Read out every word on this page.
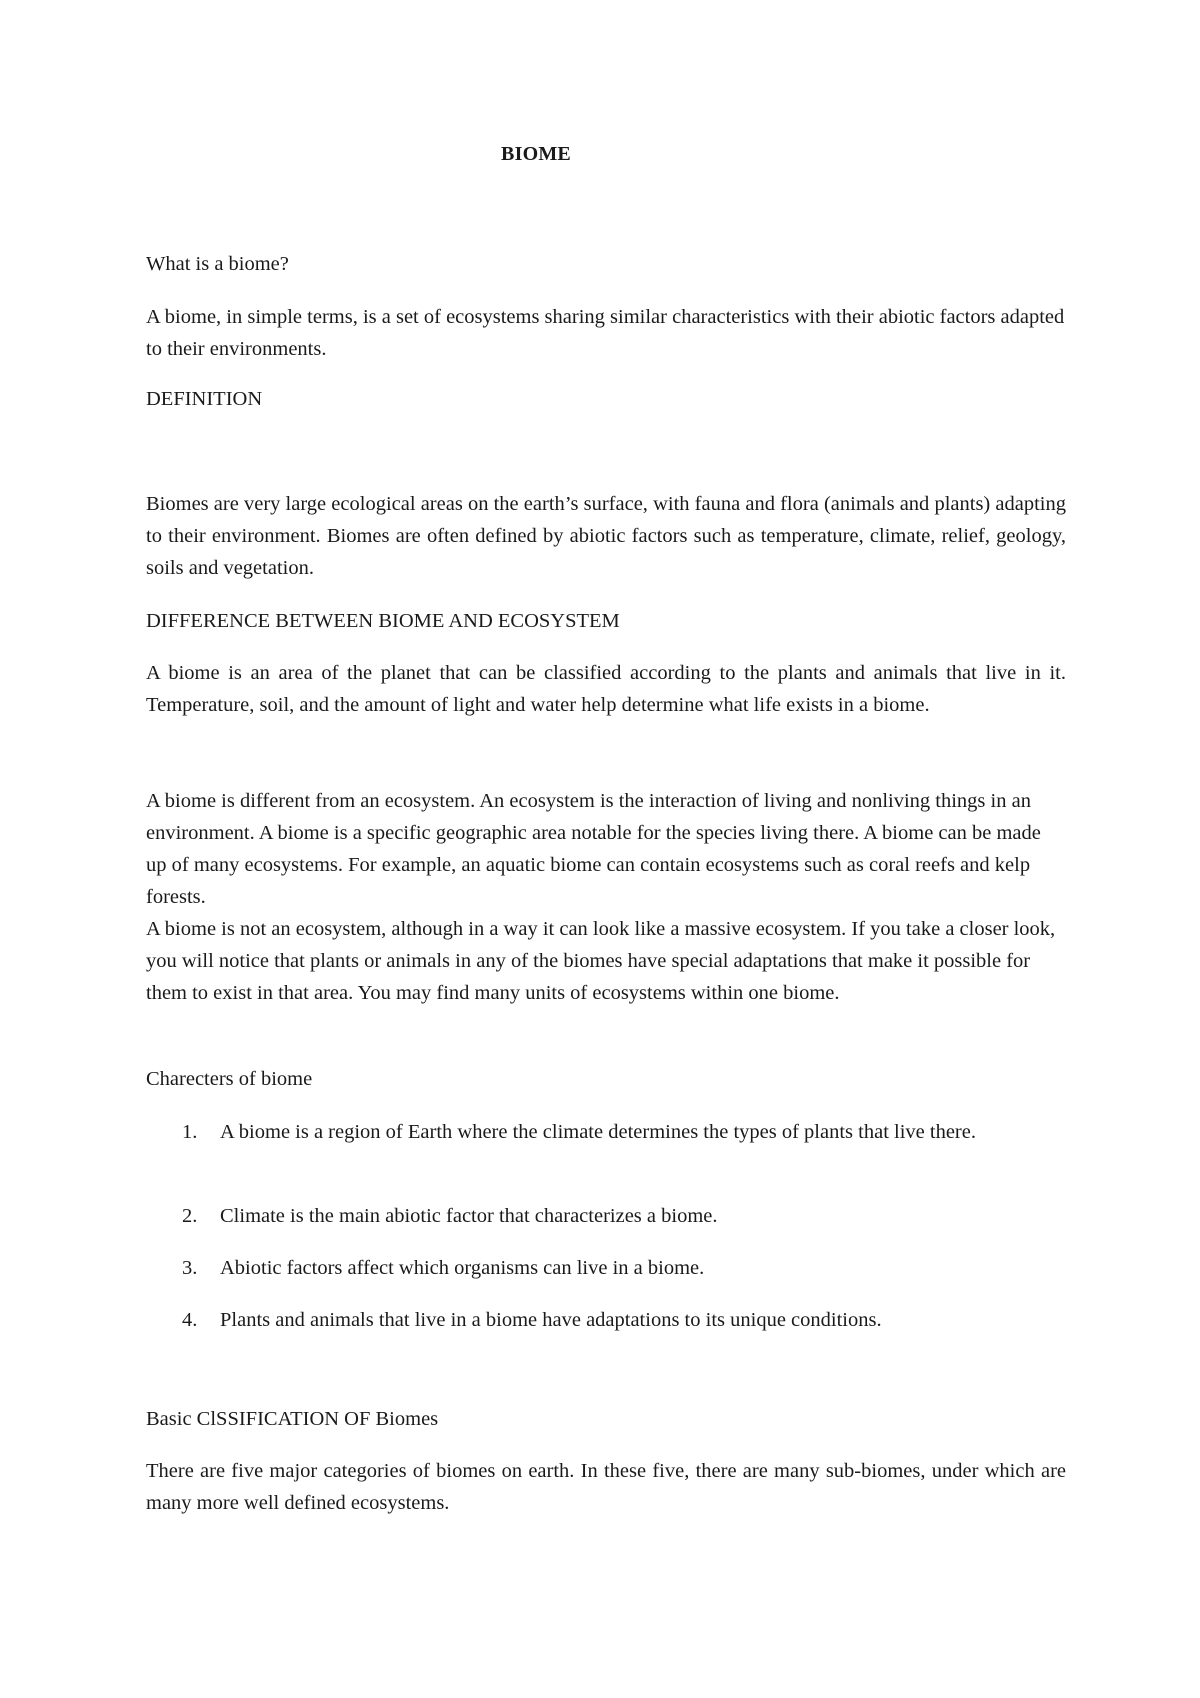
BIOME

What is a biome?

A biome, in simple terms, is a set of ecosystems sharing similar characteristics with their abiotic factors adapted to their environments.

DEFINITION

Biomes are very large ecological areas on the earth’s surface, with fauna and flora (animals and plants) adapting to their environment. Biomes are often defined by abiotic factors such as temperature, climate, relief, geology, soils and vegetation.

DIFFERENCE BETWEEN BIOME AND ECOSYSTEM

A biome is an area of the planet that can be classified according to the plants and animals that live in it. Temperature, soil, and the amount of light and water help determine what life exists in a biome.

A biome is different from an ecosystem. An ecosystem is the interaction of living and nonliving things in an environment. A biome is a specific geographic area notable for the species living there. A biome can be made up of many ecosystems. For example, an aquatic biome can contain ecosystems such as coral reefs and kelp forests.

A biome is not an ecosystem, although in a way it can look like a massive ecosystem. If you take a closer look, you will notice that plants or animals in any of the biomes have special adaptations that make it possible for them to exist in that area. You may find many units of ecosystems within one biome.

Charecters of biome

1.	A biome is a region of Earth where the climate determines the types of plants that live there.
2.	Climate is the main abiotic factor that characterizes a biome.
3.	Abiotic factors affect which organisms can live in a biome.
4.	Plants and animals that live in a biome have adaptations to its unique conditions.

Basic ClSSIFICATION OF Biomes

There are five major categories of biomes on earth. In these five, there are many sub-biomes, under which are many more well defined ecosystems.
